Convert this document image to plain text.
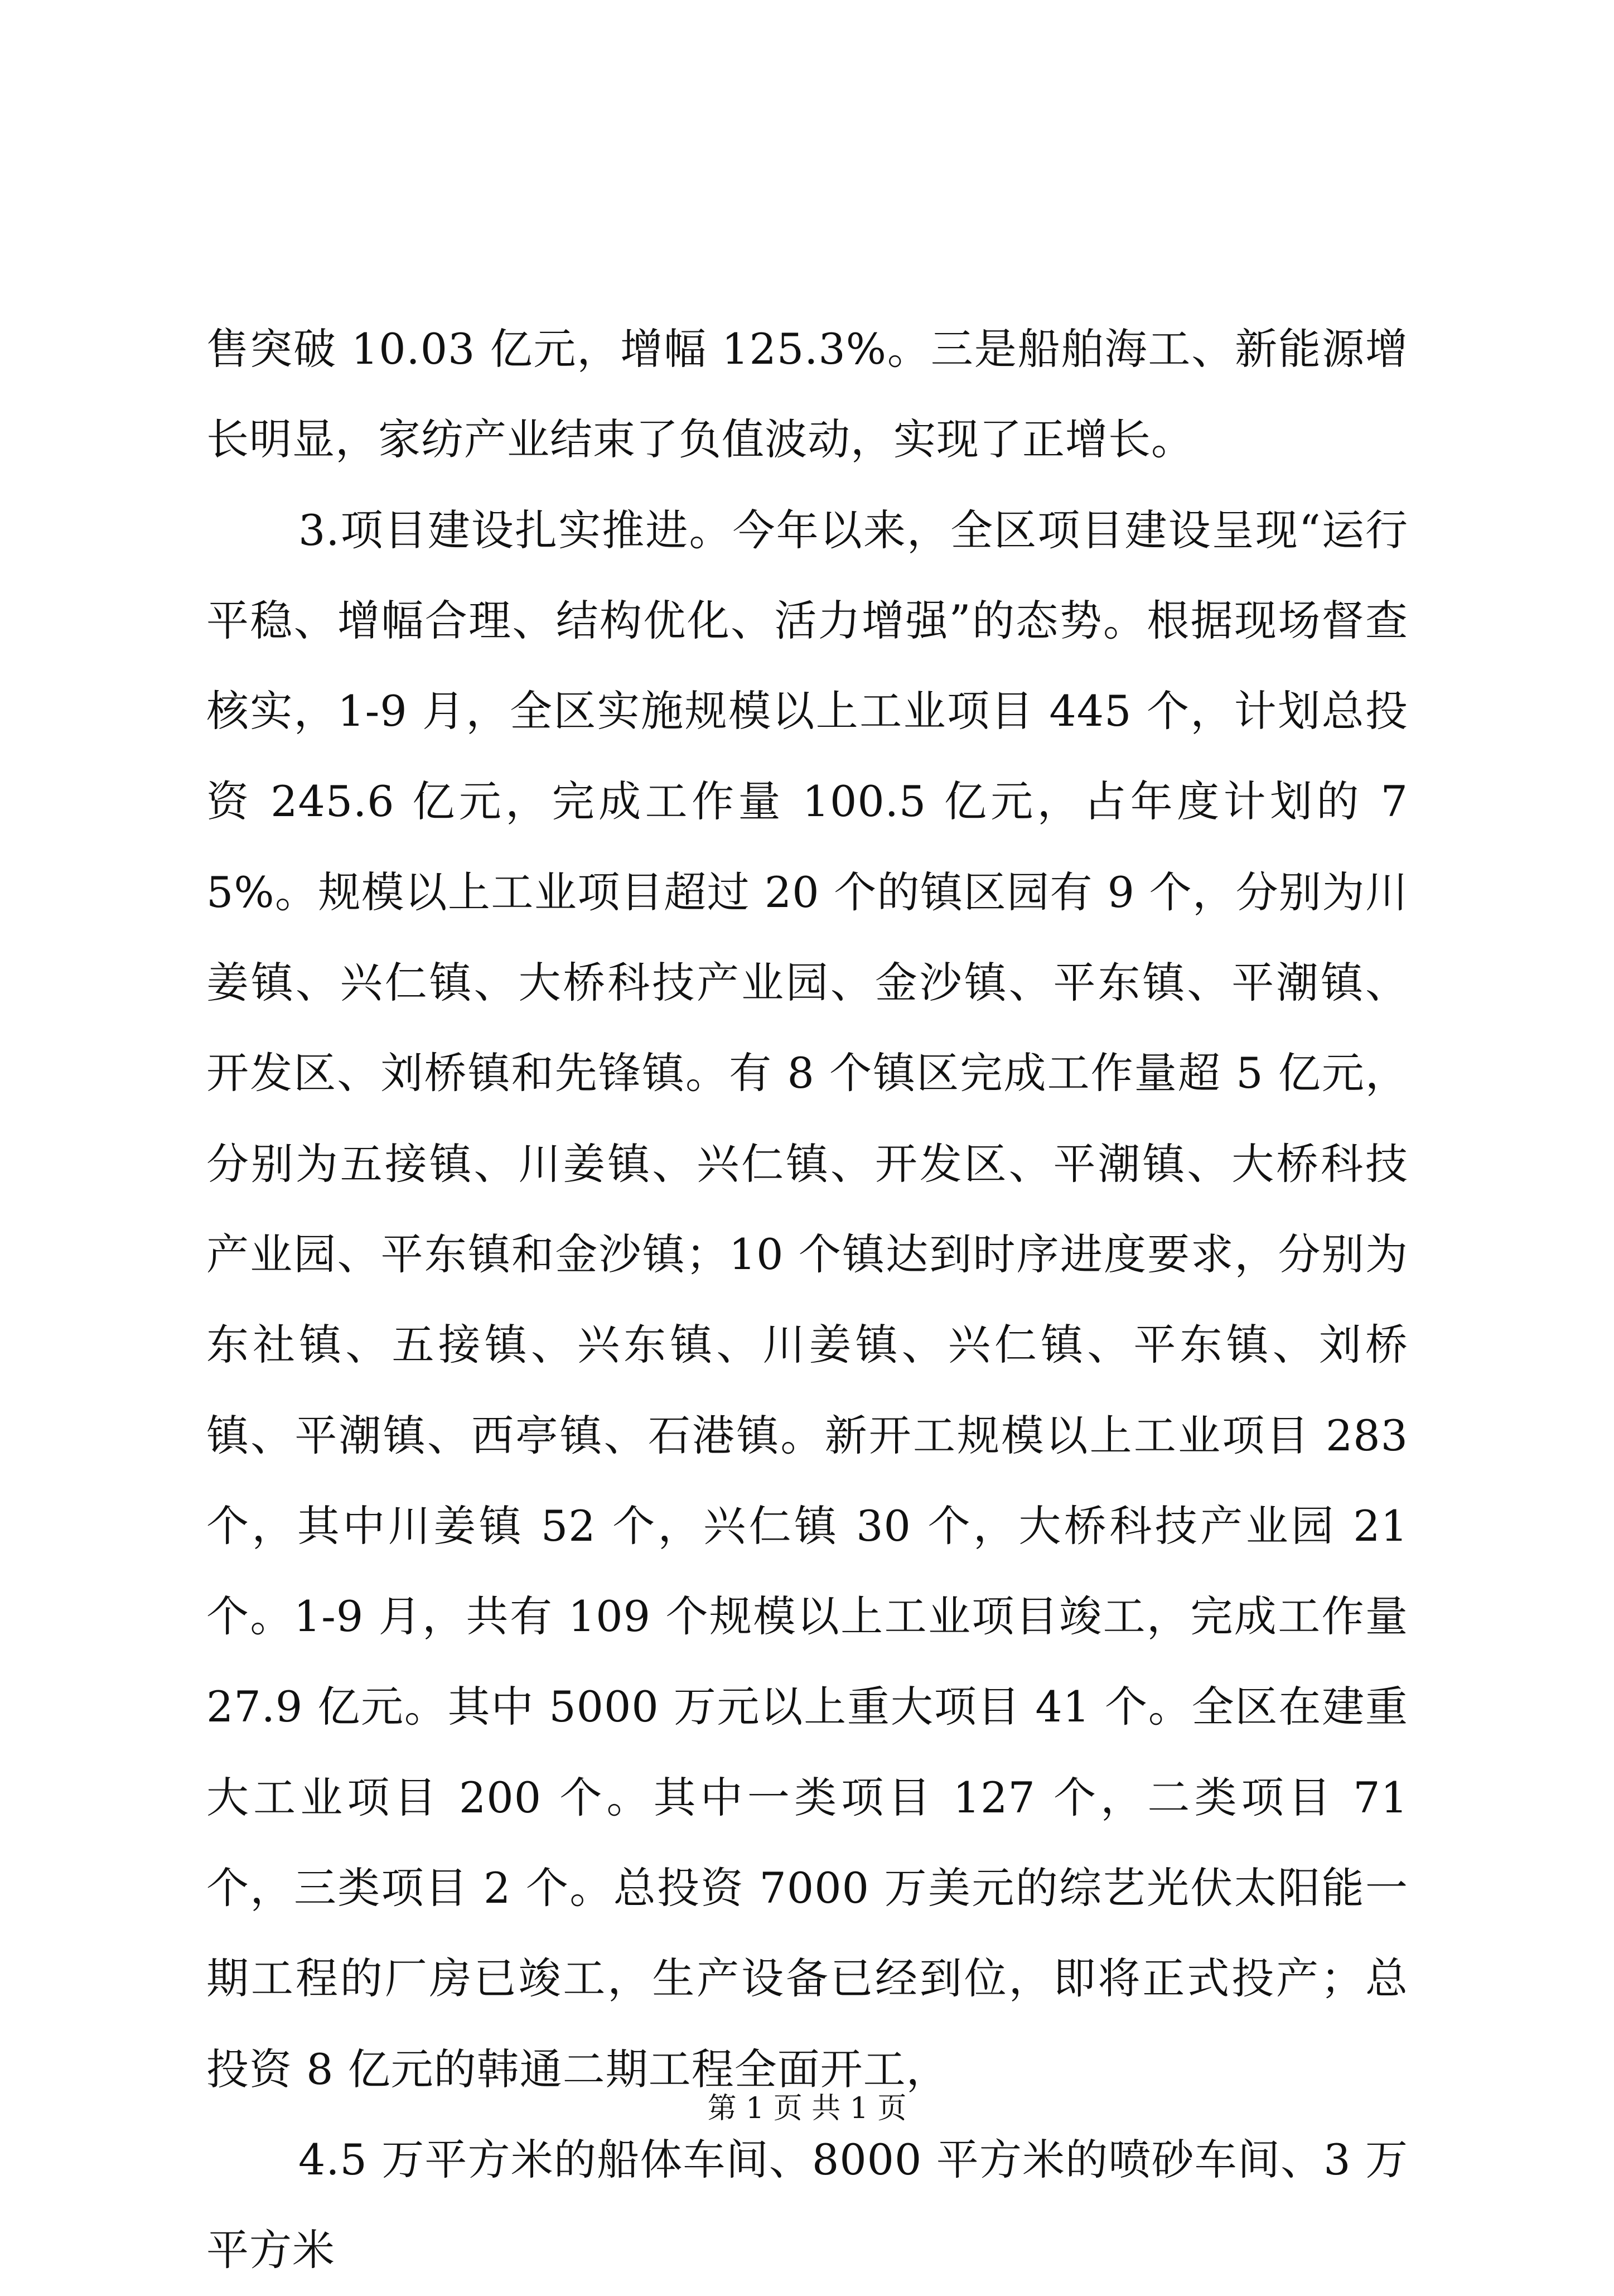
售突破 10.03 亿元，增幅 125.3%。三是船舶海工、新能源增长明显，家纺产业结束了负值波动，实现了正增长。

3.项目建设扎实推进。今年以来，全区项目建设呈现“运行平稳、增幅合理、结构优化、活力增强”的态势。根据现场督查核实，1-9 月，全区实施规模以上工业项目 445 个，计划总投资 245.6 亿元，完成工作量 100.5 亿元，占年度计划的 75%。规模以上工业项目超过 20 个的镇区园有 9 个，分别为川姜镇、兴仁镇、大桥科技产业园、金沙镇、平东镇、平潮镇、开发区、刘桥镇和先锋镇。有 8 个镇区完成工作量超 5 亿元，分别为五接镇、川姜镇、兴仁镇、开发区、平潮镇、大桥科技产业园、平东镇和金沙镇；10 个镇达到时序进度要求，分别为东社镇、五接镇、兴东镇、川姜镇、兴仁镇、平东镇、刘桥镇、平潮镇、西亭镇、石港镇。新开工规模以上工业项目 283 个，其中川姜镇 52 个，兴仁镇 30 个，大桥科技产业园 21 个。1-9 月，共有 109 个规模以上工业项目竣工，完成工作量 27.9 亿元。其中 5000 万元以上重大项目 41 个。全区在建重大工业项目 200 个。其中一类项目 127 个，二类项目 71 个，三类项目 2 个。总投资 7000 万美元的综艺光伏太阳能一期工程的厂房已竣工，生产设备已经到位，即将正式投产；总投资 8 亿元的韩通二期工程全面开工，

4.5 万平方米的船体车间、8000 平方米的喷砂车间、3 万平方米

第 1 页 共 1 页
